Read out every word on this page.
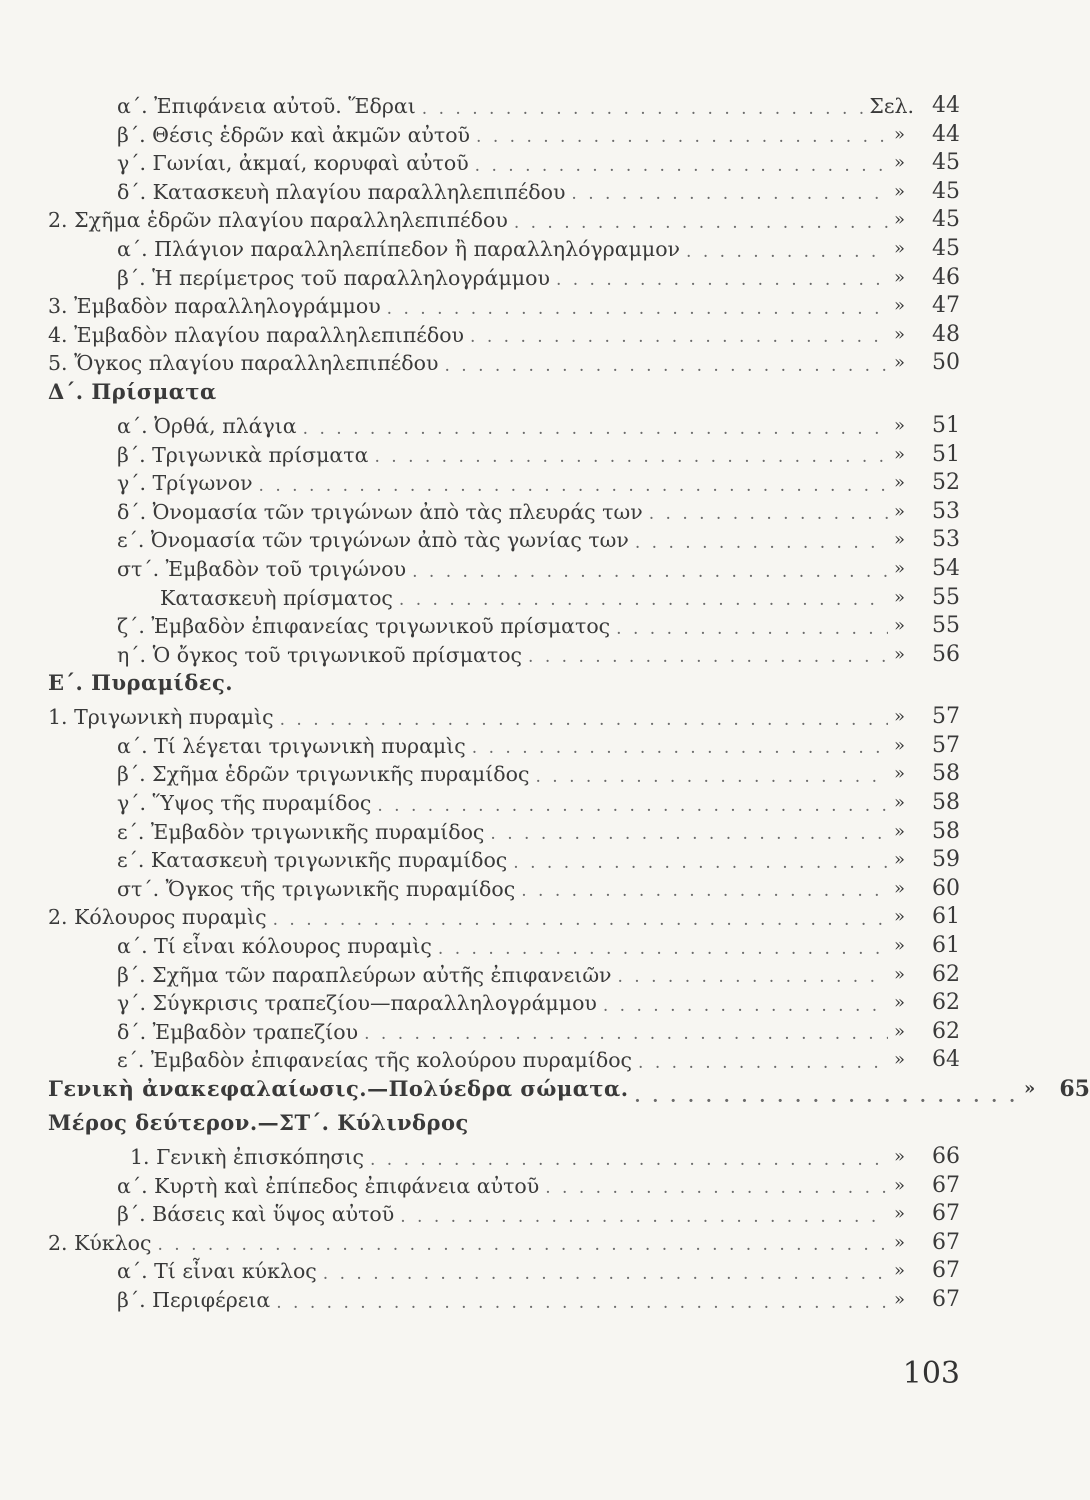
α΄. Ἐπιφάνεια αὐτοῦ. Ἕδραι . . .	Σελ. 44
β΄. Θέσις ἑδρῶν καὶ ἀκμῶν αὐτοῦ . . .	»	44
γ΄. Γωνίαι, ἀκμαί, κορυφαὶ αὐτοῦ . . .	»	45
δ΄. Κατασκευὴ πλαγίου παραλληλεπιπέδου . . .	»	45
2. Σχῆμα ἑδρῶν πλαγίου παραλληλεπιπέδου . . .	»	45
α΄. Πλάγιον παραλληλεπίπεδον ἢ παραλληλόγραμμον . . .	»	45
β΄. Ἡ περίμετρος τοῦ παραλληλογράμμου . . .	»	46
3. Ἐμβαδὸν παραλληλογράμμου . . .	»	47
4. Ἐμβαδὸν πλαγίου παραλληλεπιπέδου . . .	»	48
5. Ὄγκος πλαγίου παραλληλεπιπέδου . . .	»	50
Δ΄. Πρίσματα
α΄. Ὀρθά, πλάγια . . .	»	51
β΄. Τριγωνικὰ πρίσματα . . .	»	51
γ΄. Τρίγωνον . . .	»	52
δ΄. Ὀνομασία τῶν τριγώνων ἀπὸ τὰς πλευράς των . . .	»	53
ε΄. Ὀνομασία τῶν τριγώνων ἀπὸ τὰς γωνίας των . . .	»	53
στ΄. Ἐμβαδὸν τοῦ τριγώνου . . .	»	54
Κατασκευὴ πρίσματος . . .	»	55
ζ΄. Ἐμβαδὸν ἐπιφανείας τριγωνικοῦ πρίσματος . . .	»	55
η΄. Ὁ ὄγκος τοῦ τριγωνικοῦ πρίσματος . . .	»	56
Ε΄. Πυραμίδες.
1. Τριγωνικὴ πυραμὶς . . .	»	57
α΄. Τί λέγεται τριγωνικὴ πυραμὶς . . .	»	57
β΄. Σχῆμα ἑδρῶν τριγωνικῆς πυραμίδος . . .	»	58
γ΄. Ὕψος τῆς πυραμίδος . . .	»	58
ε΄. Ἐμβαδὸν τριγωνικῆς πυραμίδος . . .	»	58
ε΄. Κατασκευὴ τριγωνικῆς πυραμίδος . . .	»	59
στ΄. Ὄγκος τῆς τριγωνικῆς πυραμίδος . . .	»	60
2. Κόλουρος πυραμὶς . . .	»	61
α΄. Τί εἶναι κόλουρος πυραμὶς . . .	»	61
β΄. Σχῆμα τῶν παραπλεύρων αὐτῆς ἐπιφανειῶν . . .	»	62
γ΄. Σύγκρισις τραπεζίου—παραλληλογράμμου . . .	»	62
δ΄. Ἐμβαδὸν τραπεζίου . . .	»	62
ε΄. Ἐμβαδὸν ἐπιφανείας τῆς κολούρου πυραμίδος . . .	»	64
Γενικὴ ἀνακεφαλαίωσις.—Πολύεδρα σώματα. . . .	»	65
Μέρος δεύτερον.—ΣΤ΄. Κύλινδρος
1. Γενικὴ ἐπισκόπησις . . .	»	66
α΄. Κυρτὴ καὶ ἐπίπεδος ἐπιφάνεια αὐτοῦ . . .	»	67
β΄. Βάσεις καὶ ὕψος αὐτοῦ . . .	»	67
2. Κύκλος . . .	»	67
α΄. Τί εἶναι κύκλος . . .	»	67
β΄. Περιφέρεια . . .	»	67
103
